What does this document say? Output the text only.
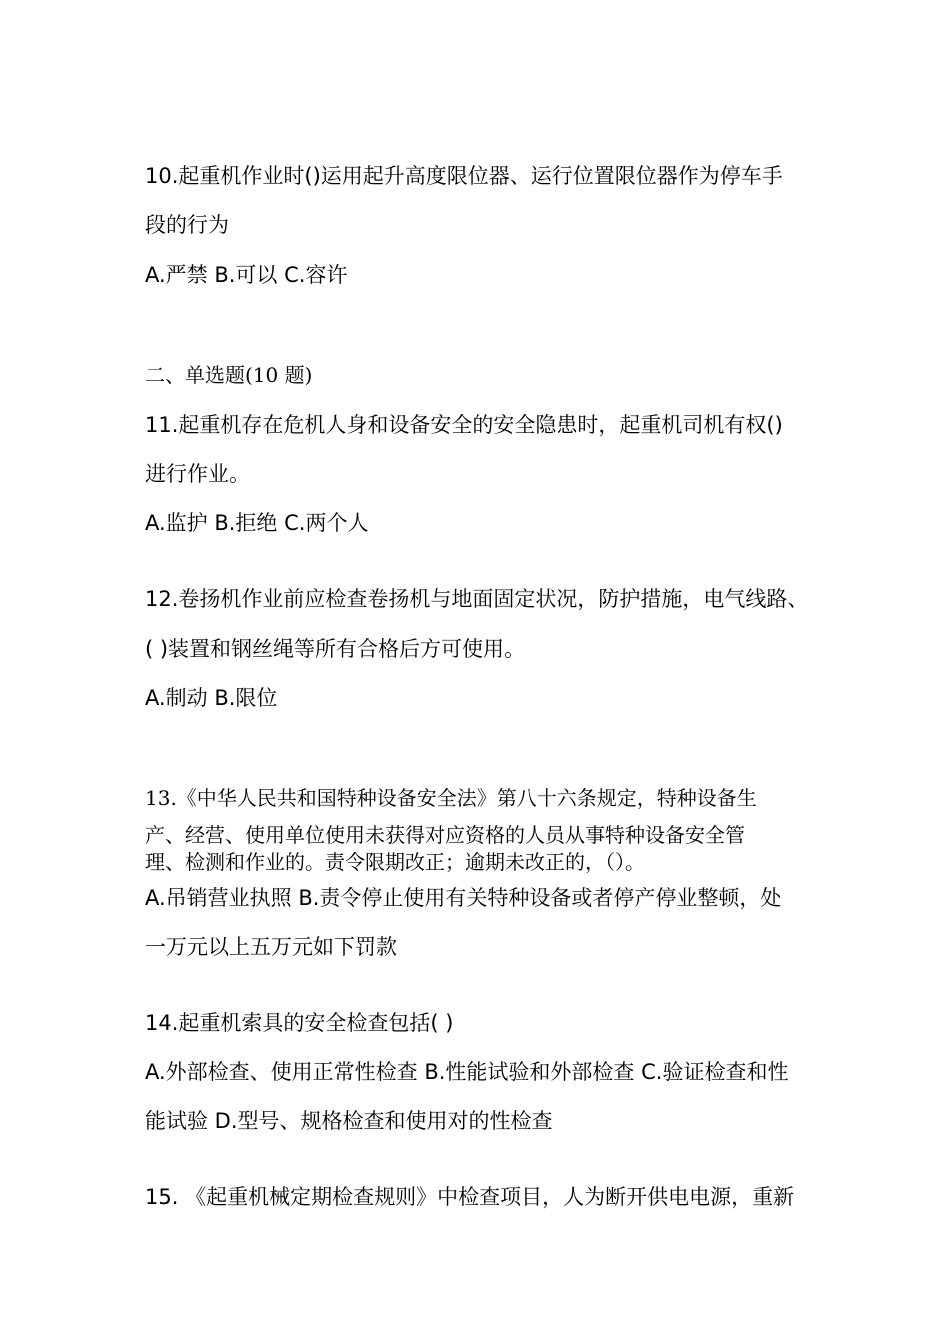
10.起重机作业时()运用起升高度限位器、运行位置限位器作为停车手
段的行为
A.严禁 B.可以 C.容许
二、单选题(10 题)
11.起重机存在危机人身和设备安全的安全隐患时，起重机司机有权()
进行作业。
A.监护 B.拒绝 C.两个人
12.卷扬机作业前应检查卷扬机与地面固定状况，防护措施，电气线路、
( )装置和钢丝绳等所有合格后方可使用。
A.制动 B.限位
13.《中华人民共和国特种设备安全法》第八十六条规定，特种设备生
产、经营、使用单位使用未获得对应资格的人员从事特种设备安全管
理、检测和作业的。责令限期改正；逾期未改正的，（）。
A.吊销营业执照 B.责令停止使用有关特种设备或者停产停业整顿，处
一万元以上五万元如下罚款
14.起重机索具的安全检查包括( )
A.外部检查、使用正常性检查 B.性能试验和外部检查 C.验证检查和性
能试验 D.型号、规格检查和使用对的性检查
15. 《起重机械定期检查规则》中检查项目，人为断开供电电源，重新
